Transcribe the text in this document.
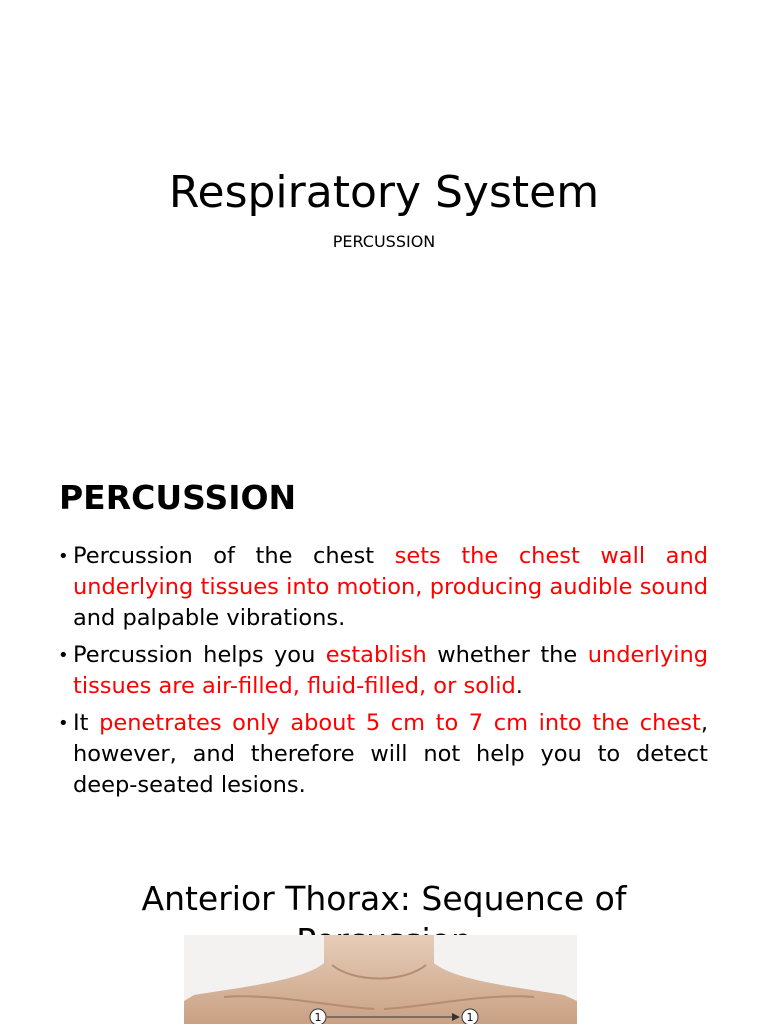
Respiratory System
PERCUSSION
PERCUSSION
• Percussion of the chest sets the chest wall and underlying tissues into motion, producing audible sound and palpable vibrations.
• Percussion helps you establish whether the underlying tissues are air-filled, fluid-filled, or solid.
• It penetrates only about 5 cm to 7 cm into the chest, however, and therefore will not help you to detect deep-seated lesions.
Anterior Thorax: Sequence of
1	1
